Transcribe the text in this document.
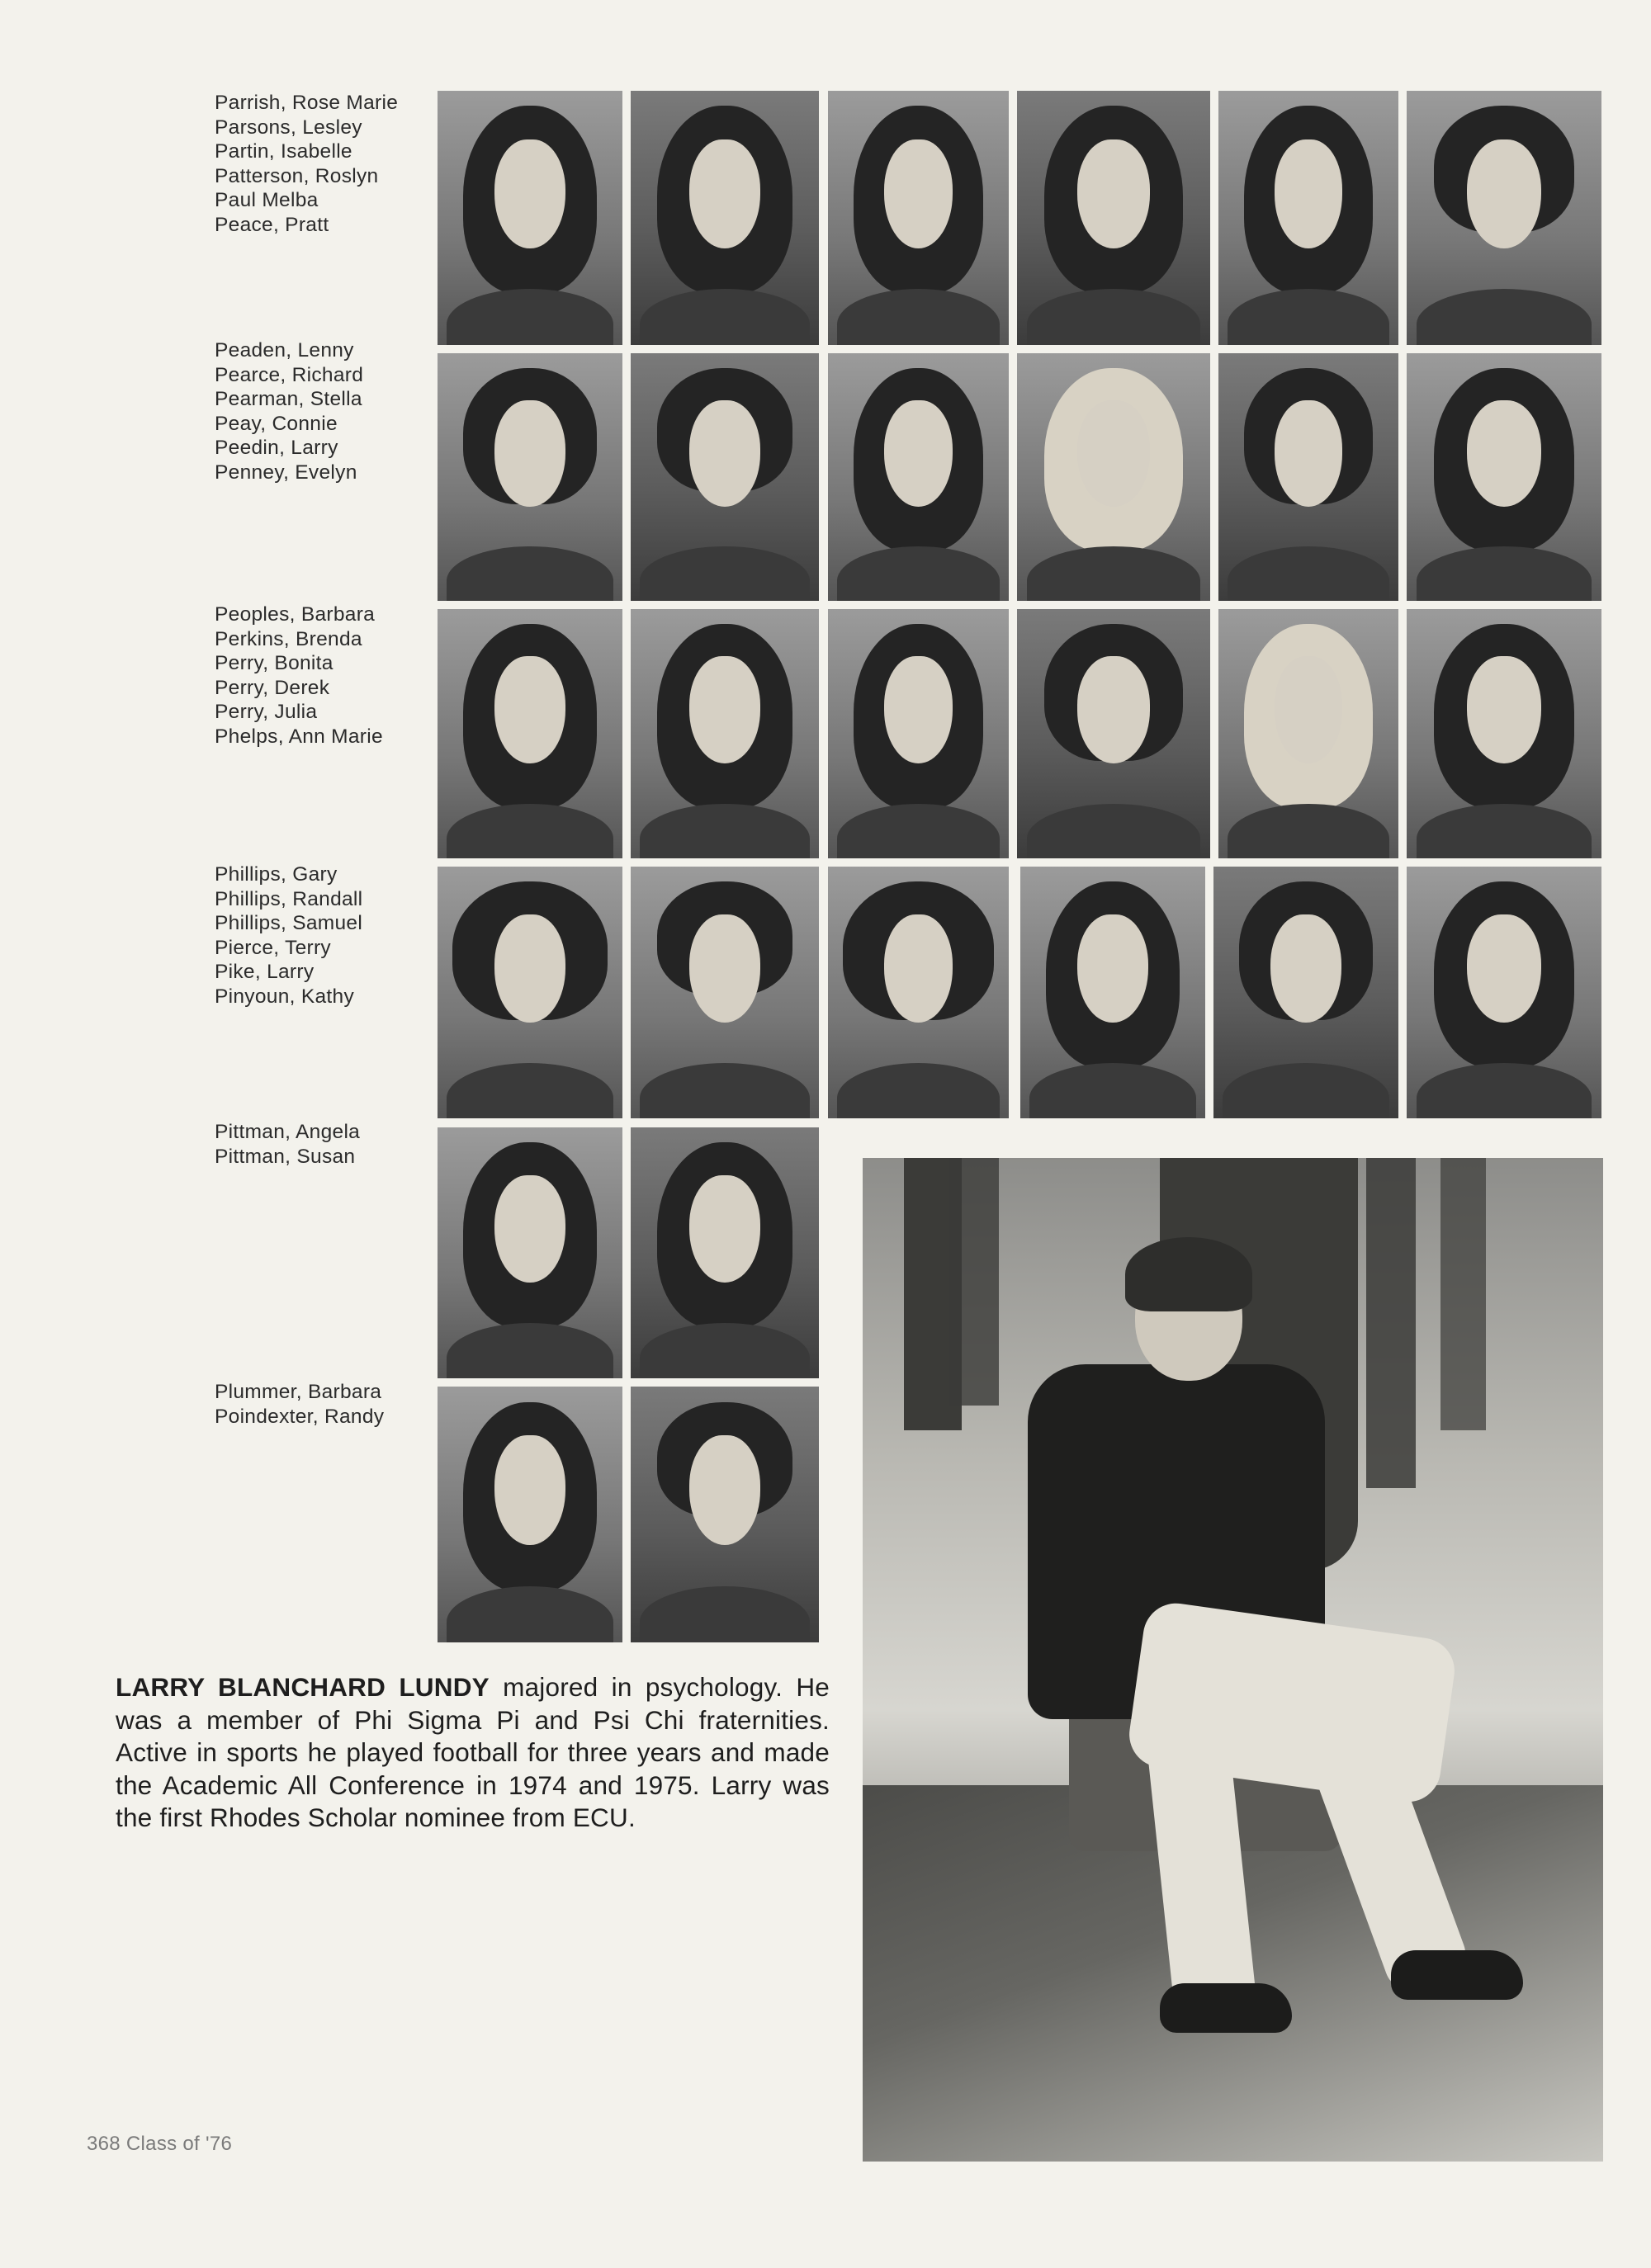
Parrish, Rose Marie
Parsons, Lesley
Partin, Isabelle
Patterson, Roslyn
Paul Melba
Peace, Pratt
Peaden, Lenny
Pearce, Richard
Pearman, Stella
Peay, Connie
Peedin, Larry
Penney, Evelyn
Peoples, Barbara
Perkins, Brenda
Perry, Bonita
Perry, Derek
Perry, Julia
Phelps, Ann Marie
Phillips, Gary
Phillips, Randall
Phillips, Samuel
Pierce, Terry
Pike, Larry
Pinyoun, Kathy
Pittman, Angela
Pittman, Susan
Plummer, Barbara
Poindexter, Randy
LARRY BLANCHARD LUNDY majored in psychology. He was a member of Phi Sigma Pi and Psi Chi fraternities. Active in sports he played football for three years and made the Academic All Conference in 1974 and 1975. Larry was the first Rhodes Scholar nominee from ECU.
368 Class of '76
